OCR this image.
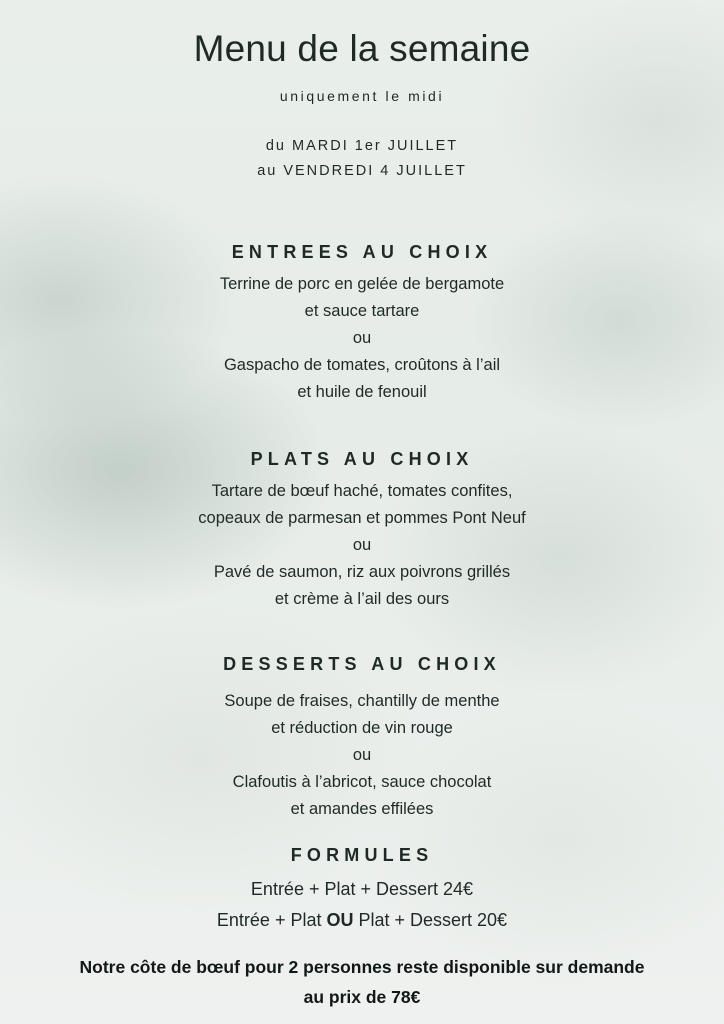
Menu de la semaine
uniquement le midi
du MARDI 1er JUILLET
au VENDREDI 4 JUILLET
ENTREES AU CHOIX
Terrine de porc en gelée de bergamote
et sauce tartare
ou
Gaspacho de tomates, croûtons à l’ail
et huile de fenouil
PLATS AU CHOIX
Tartare de bœuf haché, tomates confites,
copeaux de parmesan et pommes Pont Neuf
ou
Pavé de saumon, riz aux poivrons grillés
et crème à l’ail des ours
DESSERTS AU CHOIX
Soupe de fraises, chantilly de menthe
et réduction de vin rouge
ou
Clafoutis à l’abricot, sauce chocolat
et amandes effilées
FORMULES
Entrée + Plat + Dessert 24€
Entrée + Plat OU Plat + Dessert 20€
Notre côte de bœuf pour 2 personnes reste disponible sur demande
au prix de 78€
